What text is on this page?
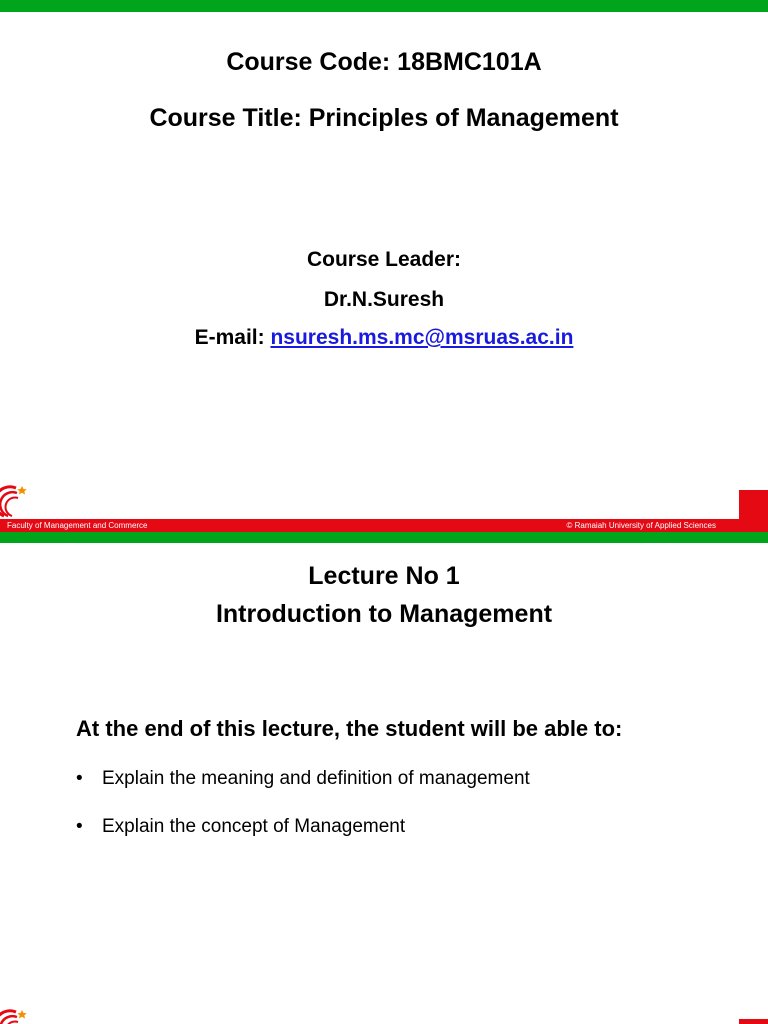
Course Code: 18BMC101A
Course Title: Principles of Management
Course Leader:
Dr.N.Suresh
E-mail: nsuresh.ms.mc@msruas.ac.in
Faculty of Management and Commerce	© Ramaiah University of Applied Sciences
Lecture No 1
Introduction to Management
At the end of this lecture, the student will be able to:
•	Explain the meaning and definition of management
•	Explain the concept of Management
